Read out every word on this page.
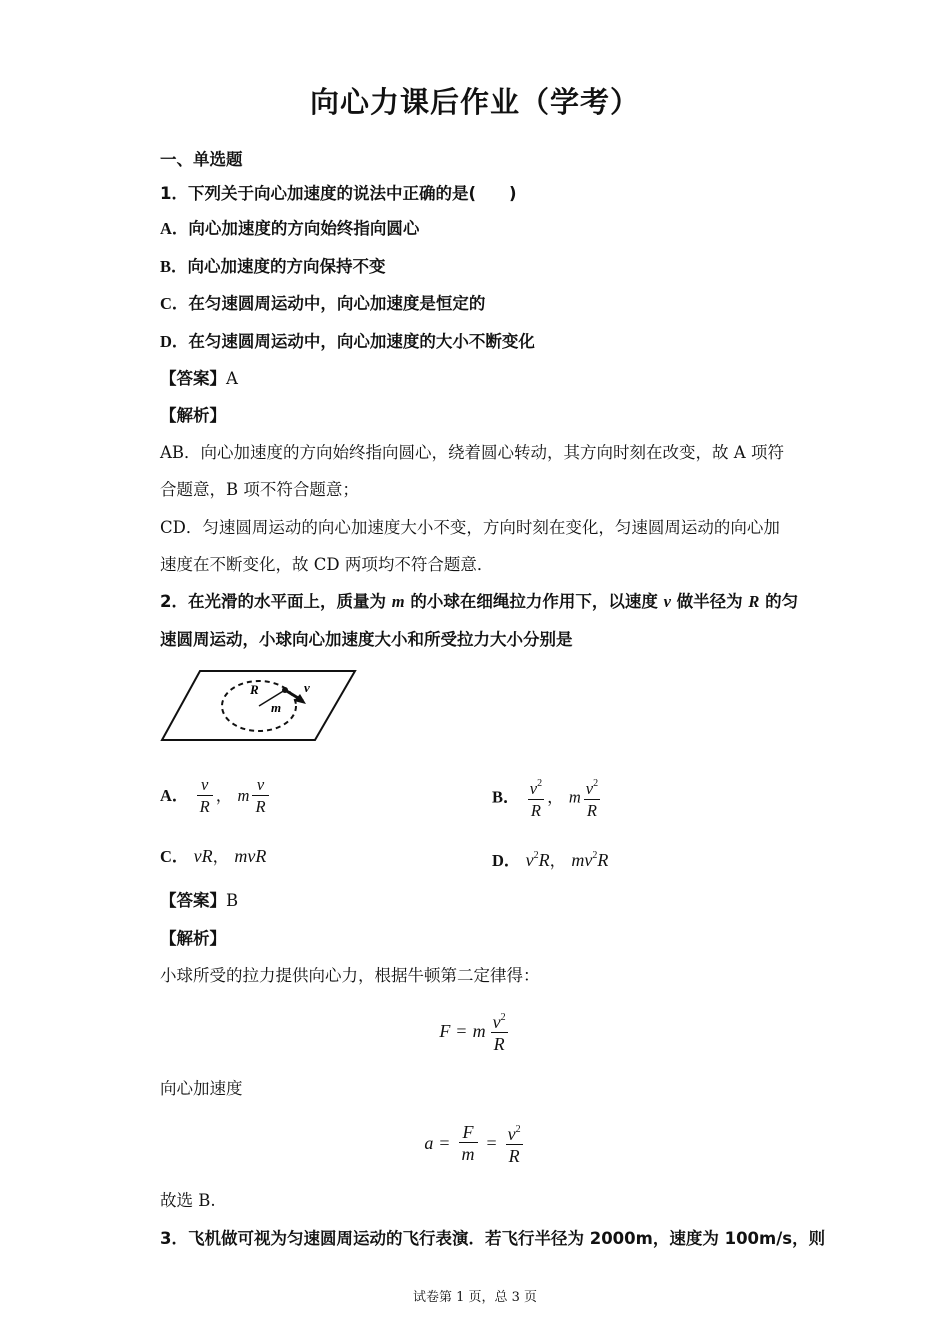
向心力课后作业（学考）
一、单选题
1．下列关于向心加速度的说法中正确的是(　　)
A．向心加速度的方向始终指向圆心
B．向心加速度的方向保持不变
C．在匀速圆周运动中，向心加速度是恒定的
D．在匀速圆周运动中，向心加速度的大小不断变化
【答案】A
【解析】
AB．向心加速度的方向始终指向圆心，绕着圆心转动，其方向时刻在改变，故 A 项符
合题意，B 项不符合题意；
CD．匀速圆周运动的向心加速度大小不变，方向时刻在变化，匀速圆周运动的向心加
速度在不断变化，故 CD 两项均不符合题意．
2．在光滑的水平面上，质量为 m 的小球在细绳拉力作用下，以速度 v 做半径为 R 的匀
速圆周运动，小球向心加速度大小和所受拉力大小分别是
R	v
m
A． $\frac{v}{R}$ ， m $\frac{v}{R}$	B． $\frac{v^2}{R}$ ， m $\frac{v^2}{R}$
C． vR， mvR	D． $v^2R$， $mv^2R$
【答案】B
【解析】
小球所受的拉力提供向心力，根据牛顿第二定律得：
F = m $\frac{v^2}{R}$
向心加速度
$a = \frac{F}{m} = \frac{v^2}{R}$
故选 B.
3．飞机做可视为匀速圆周运动的飞行表演．若飞行半径为 2000m，速度为 100m/s，则
试卷第 1 页，总 3 页
